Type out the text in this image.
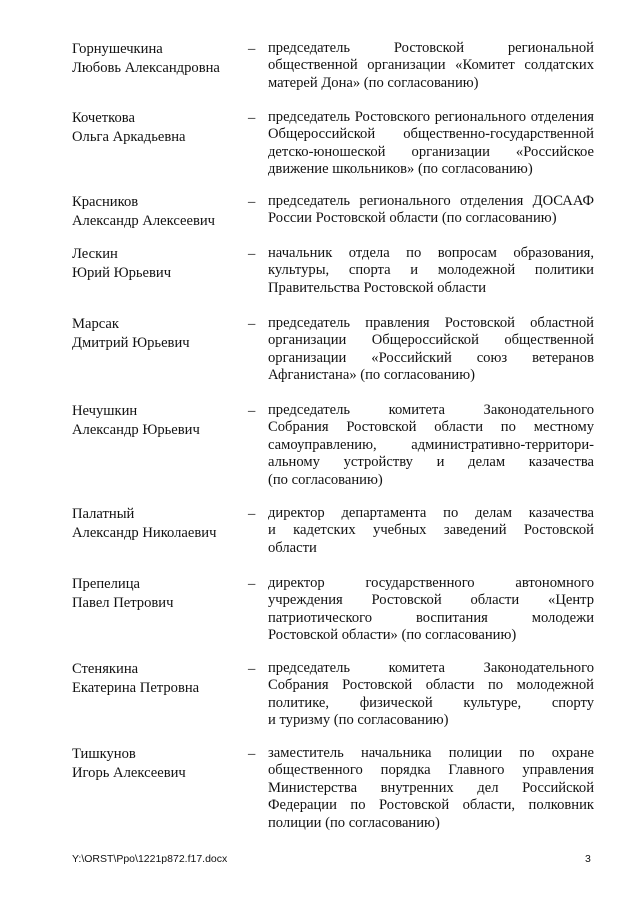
Горнушечкина
Любовь Александровна
– председатель Ростовской региональной
общественной организации «Комитет солдатских
матерей Дона» (по согласованию)
Кочеткова
Ольга Аркадьевна
– председатель Ростовского регионального отделения
Общероссийской общественно-государственной
детско-юношеской организации «Российское
движение школьников» (по согласованию)
Красников
Александр Алексеевич
– председатель регионального отделения ДОСААФ
России Ростовской области (по согласованию)
Лескин
Юрий Юрьевич
– начальник отдела по вопросам образования,
культуры, спорта и молодежной политики
Правительства Ростовской области
Марсак
Дмитрий Юрьевич
– председатель правления Ростовской областной
организации Общероссийской общественной
организации «Российский союз ветеранов
Афганистана» (по согласованию)
Нечушкин
Александр Юрьевич
– председатель комитета Законодательного
Собрания Ростовской области по местному
самоуправлению, административно-территори-
альному устройству и делам казачества
(по согласованию)
Палатный
Александр Николаевич
– директор департамента по делам казачества
и кадетских учебных заведений Ростовской
области
Препелица
Павел Петрович
– директор государственного автономного
учреждения Ростовской области «Центр
патриотического воспитания молодежи
Ростовской области» (по согласованию)
Стенякина
Екатерина Петровна
– председатель комитета Законодательного
Собрания Ростовской области по молодежной
политике, физической культуре, спорту
и туризму (по согласованию)
Тишкунов
Игорь Алексеевич
– заместитель начальника полиции по охране
общественного порядка Главного управления
Министерства внутренних дел Российской
Федерации по Ростовской области, полковник
полиции (по согласованию)
Y:\ORST\Ppo\1221p872.f17.docx	3
